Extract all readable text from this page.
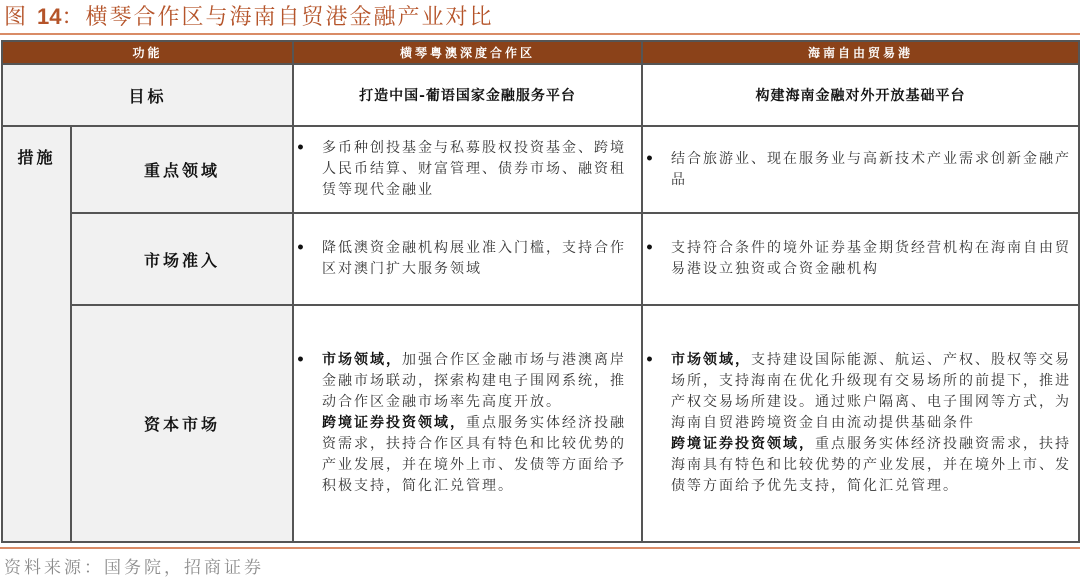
图 14：横琴合作区与海南自贸港金融产业对比
功能		横琴粤澳深度合作区	海南自由贸易港
目标		打造中国-葡语国家金融服务平台	构建海南金融对外开放基础平台
措施	重点领域	• 多币种创投基金与私募股权投资基金、跨境人民币结算、财富管理、债券市场、融资租赁等现代金融业	• 结合旅游业、现在服务业与高新技术产业需求创新金融产品

	市场准入	• 降低澳资金融机构展业准入门槛，支持合作区对澳门扩大服务领域	• 支持符合条件的境外证券基金期货经营机构在海南自由贸易港设立独资或合资金融机构

	资本市场	• 市场领域，加强合作区金融市场与港澳离岸金融市场联动，探索构建电子围网系统，推动合作区金融市场率先高度开放。
跨境证券投资领域，重点服务实体经济投融资需求，扶持合作区具有特色和比较优势的产业发展，并在境外上市、发债等方面给予积极支持，简化汇兑管理。	• 市场领域，支持建设国际能源、航运、产权、股权等交易场所，支持海南在优化升级现有交易场所的前提下，推进产权交易场所建设。通过账户隔离、电子围网等方式，为海南自贸港跨境资金自由流动提供基础条件
跨境证券投资领域，重点服务实体经济投融资需求，扶持海南具有特色和比较优势的产业发展，并在境外上市、发债等方面给予优先支持，简化汇兑管理。
资料来源：国务院，招商证券
